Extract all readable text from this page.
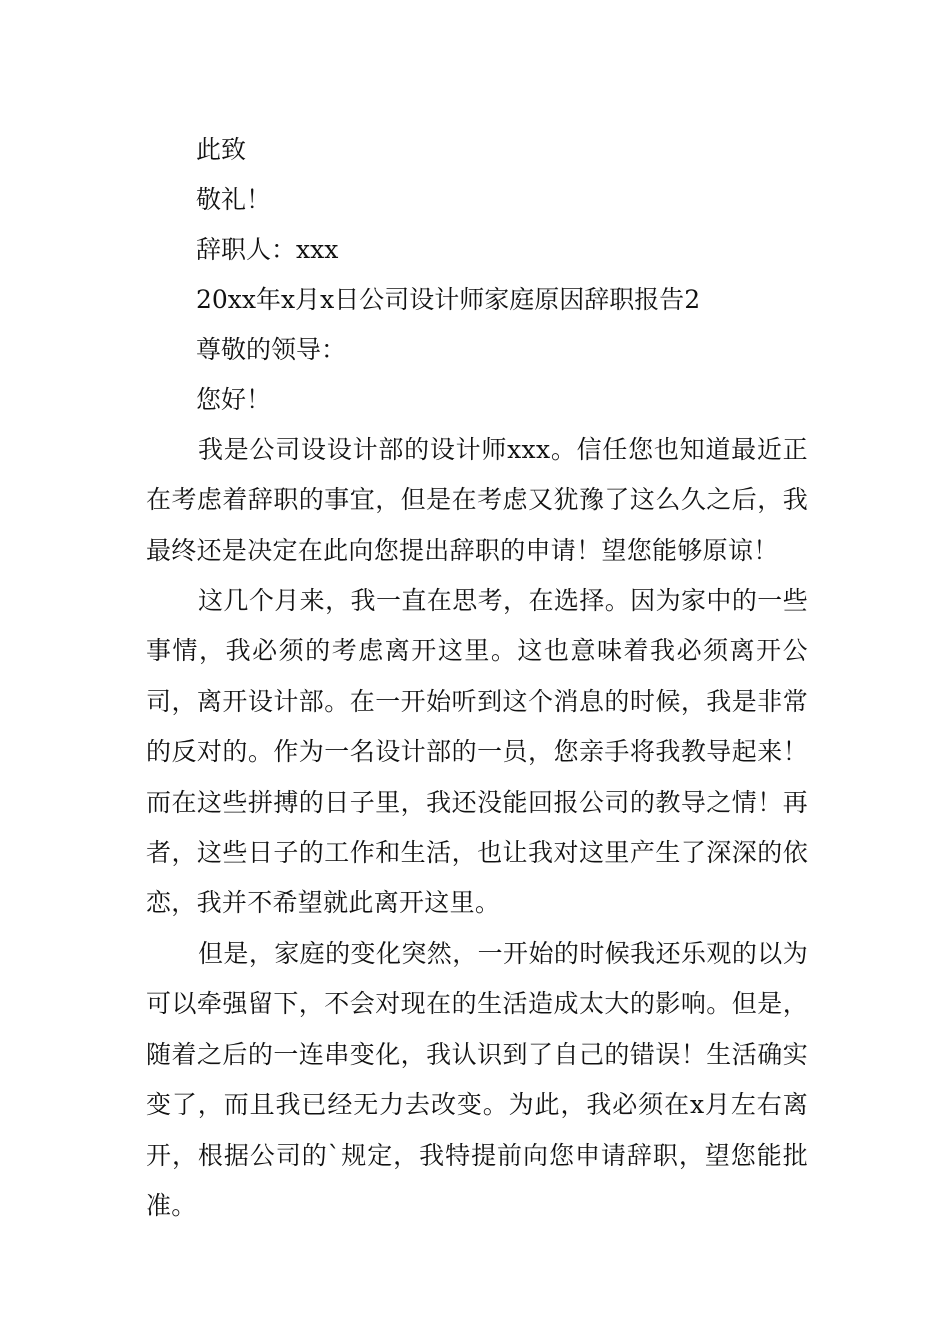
此致
敬礼！
辞职人：xxx
20xx年x月x日公司设计师家庭原因辞职报告2
尊敬的领导：
您好！
我是公司设设计部的设计师xxx。信任您也知道最近正在考虑着辞职的事宜，但是在考虑又犹豫了这么久之后，我最终还是决定在此向您提出辞职的申请！望您能够原谅！
这几个月来，我一直在思考，在选择。因为家中的一些事情，我必须的考虑离开这里。这也意味着我必须离开公司，离开设计部。在一开始听到这个消息的时候，我是非常的反对的。作为一名设计部的一员，您亲手将我教导起来！而在这些拼搏的日子里，我还没能回报公司的教导之情！再者，这些日子的工作和生活，也让我对这里产生了深深的依恋，我并不希望就此离开这里。
但是，家庭的变化突然，一开始的时候我还乐观的以为可以牵强留下，不会对现在的生活造成太大的影响。但是，随着之后的一连串变化，我认识到了自己的错误！生活确实变了，而且我已经无力去改变。为此，我必须在x月左右离开，根据公司的`规定，我特提前向您申请辞职，望您能批准。
